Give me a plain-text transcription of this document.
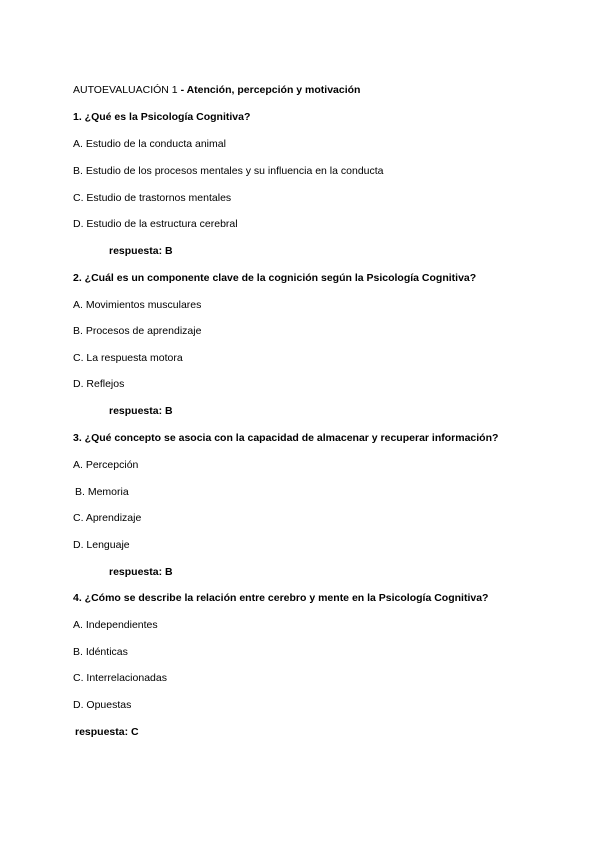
AUTOEVALUACIÓN 1 - Atención, percepción y motivación
1. ¿Qué es la Psicología Cognitiva?
A. Estudio de la conducta animal
B. Estudio de los procesos mentales y su influencia en la conducta
C. Estudio de trastornos mentales
D. Estudio de la estructura cerebral
respuesta: B
2. ¿Cuál es un componente clave de la cognición según la Psicología Cognitiva?
A. Movimientos musculares
B. Procesos de aprendizaje
C. La respuesta motora
D. Reflejos
respuesta: B
3. ¿Qué concepto se asocia con la capacidad de almacenar y recuperar información?
A. Percepción
B. Memoria
C. Aprendizaje
D. Lenguaje
respuesta: B
4. ¿Cómo se describe la relación entre cerebro y mente en la Psicología Cognitiva?
A. Independientes
B. Idénticas
C. Interrelacionadas
D. Opuestas
respuesta: C
